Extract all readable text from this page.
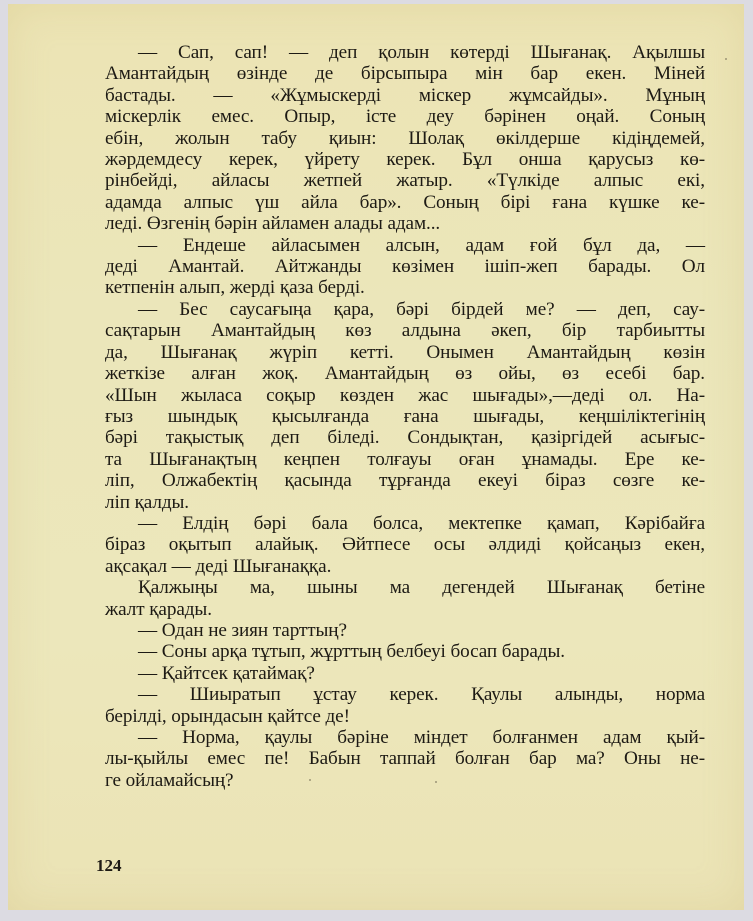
— Сап, сап! — деп қолын көтерді Шығанақ. Ақылшы
Амантайдың өзінде де бірсыпыра мін бар екен. Міней
бастады. — «Жұмыскерді міскер жұмсайды». Мұның
міскерлік емес. Опыр, істе деу бәрінен оңай. Соның
ебін, жолын табу қиын: Шолақ өкілдерше кідіңдемей,
жәрдемдесу керек, үйрету керек. Бұл онша қарусыз кө-
рінбейді, айласы жетпей жатыр. «Түлкіде алпыс екі,
адамда алпыс үш айла бар». Соның бірі ғана күшке ке-
леді. Өзгенің бәрін айламен алады адам...
— Ендеше айласымен алсын, адам ғой бұл да, —
деді Амантай. Айтжанды көзімен ішіп-жеп барады. Ол
кетпенін алып, жерді қаза берді.
— Бес саусағыңа қара, бәрі бірдей ме? — деп, сау-
сақтарын Амантайдың көз алдына әкеп, бір тарбиытты
да, Шығанақ жүріп кетті. Онымен Амантайдың көзін
жеткізе алған жоқ. Амантайдың өз ойы, өз есебі бар.
«Шын жыласа соқыр көзден жас шығады»,—деді ол. На-
ғыз шындық қысылғанда ғана шығады, кеңшіліктегінің
бәрі тақыстық деп біледі. Сондықтан, қазіргідей асығыс-
та Шығанақтың кеңпен толғауы оған ұнамады. Ере ке-
ліп, Олжабектің қасында тұрғанда екеуі біраз сөзге ке-
ліп қалды.
— Елдің бәрі бала болса, мектепке қамап, Кәрібайға
біраз оқытып алайық. Әйтпесе осы әлдиді қойсаңыз екен,
ақсақал — деді Шығанаққа.
Қалжыңы ма, шыны ма дегендей Шығанақ бетіне
жалт қарады.
— Одан не зиян тарттың?
— Соны арқа тұтып, жұрттың белбеуі босап барады.
— Қайтсек қатаймақ?
— Шиыратып ұстау керек. Қаулы алынды, норма
берілді, орындасын қайтсе де!
— Норма, қаулы бәріне міндет болғанмен адам қый-
лы-қыйлы емес пе! Бабын таппай болған бар ма? Оны не-
ге ойламайсың?
124
